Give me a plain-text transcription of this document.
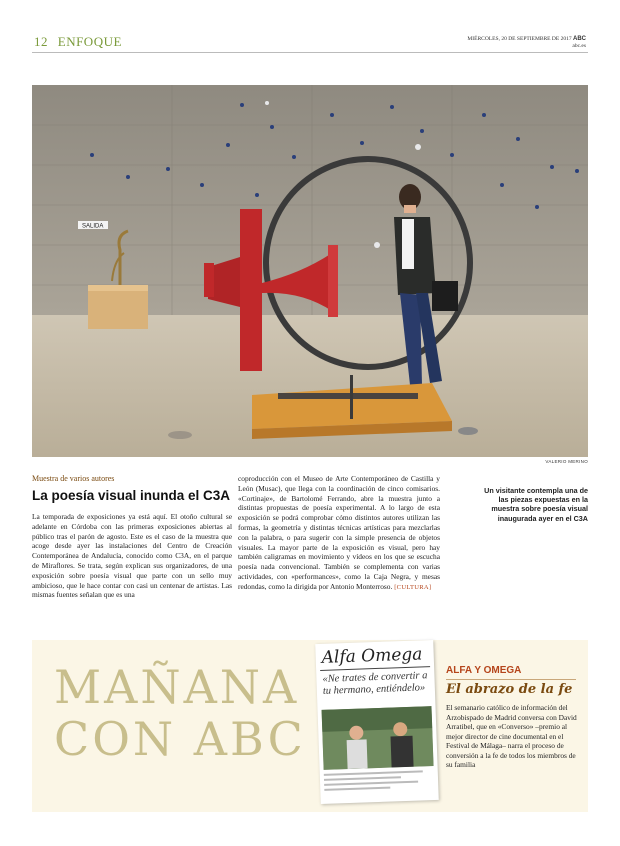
12 ENFOQUE	MIÉRCOLES, 20 DE SEPTIEMBRE DE 2017 ABC
abc.es
SALIDA
VALERIO MERINO
Muestra de varios autores
La poesía visual inunda el C3A

La temporada de exposiciones ya está aquí. El otoño cultural se adelante en Córdoba con las primeras exposiciones abiertas al público tras el parón de agosto. Este es el caso de la muestra que acoge desde ayer las instalaciones del Centro de Creación Contemporánea de Andalucía, conocido como C3A, en el parque de Miraflores. Se trata, según explican sus organizadores, de una exposición sobre poesía visual que parte con un sello muy ambicioso, que le hace contar con casi un centenar de artistas. Las mismas fuentes señalan que es una

coproducción con el Museo de Arte Contemporáneo de Castilla y León (Musac), que llega con la coordinación de cinco comisarios. «Cortinaje», de Bartolomé Ferrando, abre la muestra junto a distintas propuestas de poesía experimental. A lo largo de esta exposición se podrá comprobar cómo distintos autores utilizan las formas, la geometría y distintas técnicas artísticas para mezclarlas con la palabra, o para sugerir con la simple presencia de objetos visuales. La mayor parte de la exposición es visual, pero hay también caligramas en movimiento y vídeos en los que se escucha poesía nada convencional. También se complementa con varias actividades, con «performances», como la Caja Negra, y mesas redondas, como la dirigida por Antonio Monterroso. [CULTURA]

Un visitante contempla una de las piezas expuestas en la muestra sobre poesía visual inaugurada ayer en el C3A

MAÑANA
CON ABC
Alfa Omega
«Ne trates de convertir a tu hermano, entiéndelo»
ALFA Y OMEGA
El abrazo de la fe

El semanario católico de información del Arzobispado de Madrid conversa con David Arratibel, que en «Converso» –premio al mejor director de cine documental en el Festival de Málaga– narra el proceso de conversión a la fe de todos los miembros de su familia
